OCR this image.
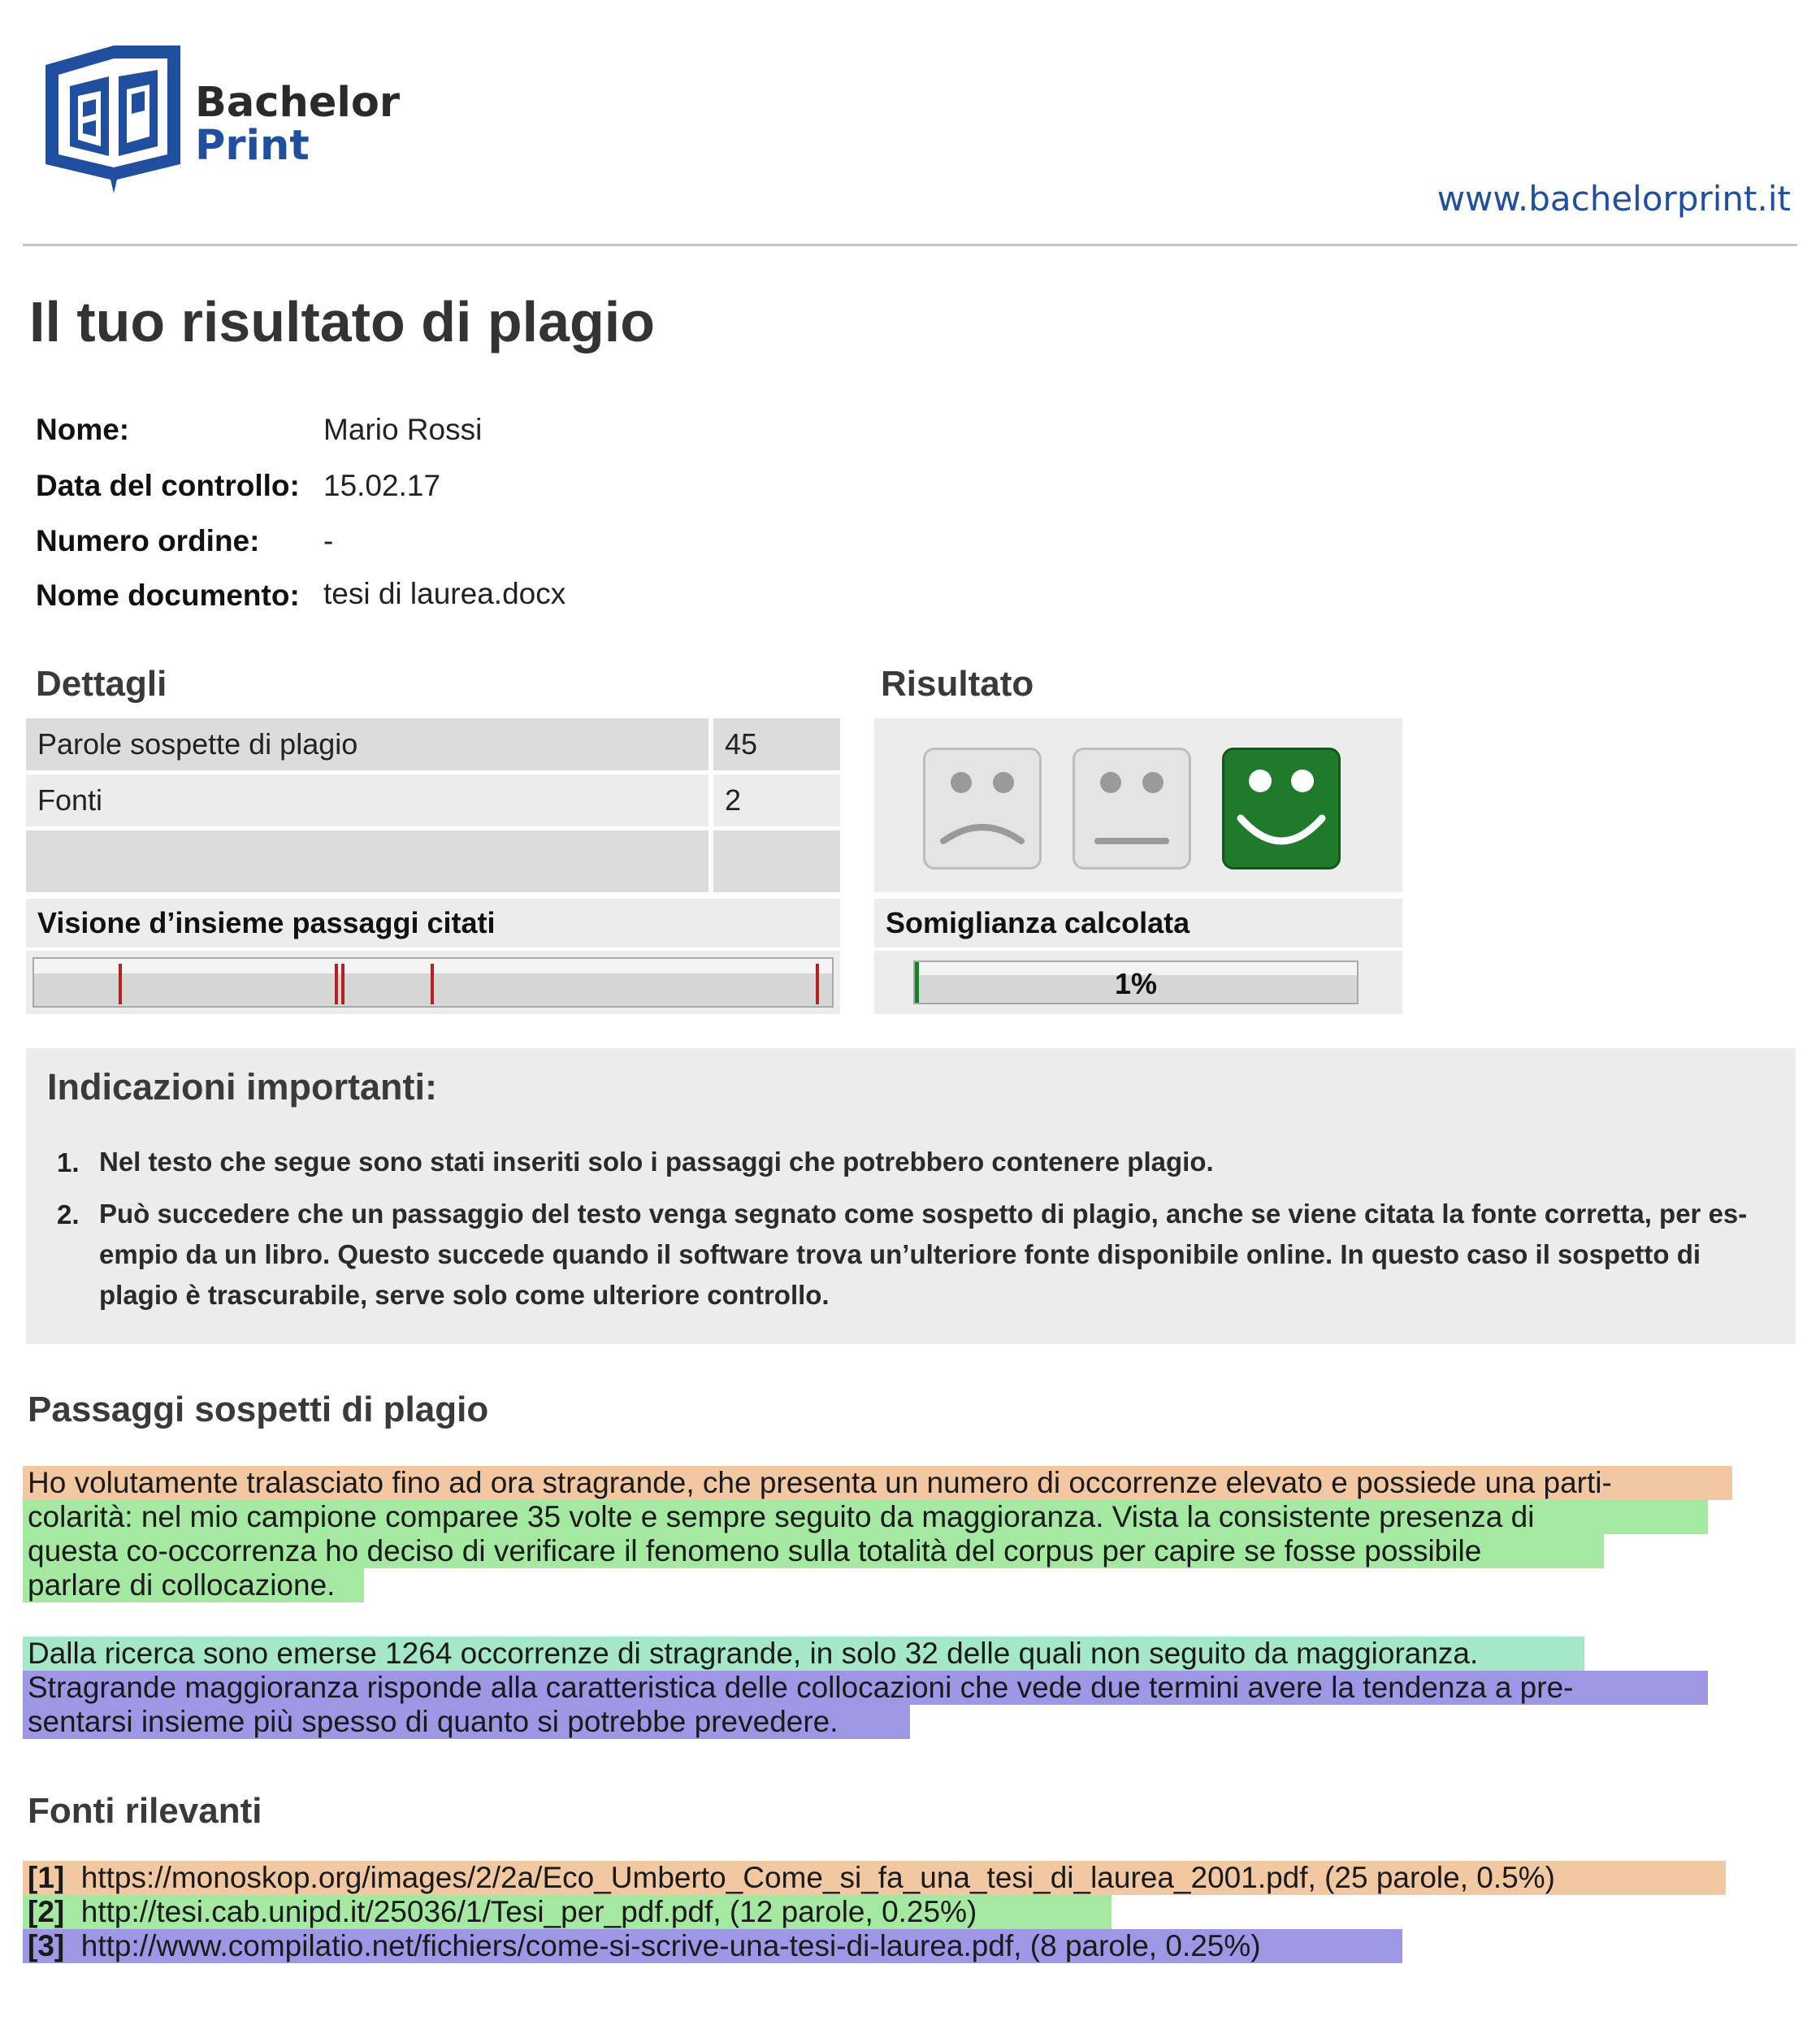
Bachelor
Print
www.bachelorprint.it
Il tuo risultato di plagio
Nome:	Mario Rossi
Data del controllo: 15.02.17
Numero ordine: -
Nome documento: tesi di laurea.docx
Dettagli
Parole sospette di plagio	45
Fonti	2
Visione d’insieme passaggi citati
Risultato
Somiglianza calcolata
1%
Indicazioni importanti:
1. Nel testo che segue sono stati inseriti solo i passaggi che potrebbero contenere plagio.
2. Può succedere che un passaggio del testo venga segnato come sospetto di plagio, anche se viene citata la fonte corretta, per es-
empio da un libro. Questo succede quando il software trova un’ulteriore fonte disponibile online. In questo caso il sospetto di
plagio è trascurabile, serve solo come ulteriore controllo.
Passaggi sospetti di plagio
Ho volutamente tralasciato fino ad ora stragrande, che presenta un numero di occorrenze elevato e possiede una parti-
colarità: nel mio campione comparee 35 volte e sempre seguito da maggioranza. Vista la consistente presenza di
questa co-occorrenza ho deciso di verificare il fenomeno sulla totalità del corpus per capire se fosse possibile
parlare di collocazione.
Dalla ricerca sono emerse 1264 occorrenze di stragrande, in solo 32 delle quali non seguito da maggioranza.
Stragrande maggioranza risponde alla caratteristica delle collocazioni che vede due termini avere la tendenza a pre-
sentarsi insieme più spesso di quanto si potrebbe prevedere.
Fonti rilevanti
[1] https://monoskop.org/images/2/2a/Eco_Umberto_Come_si_fa_una_tesi_di_laurea_2001.pdf, (25 parole, 0.5%)
[2] http://tesi.cab.unipd.it/25036/1/Tesi_per_pdf.pdf, (12 parole, 0.25%)
[3] http://www.compilatio.net/fichiers/come-si-scrive-una-tesi-di-laurea.pdf, (8 parole, 0.25%)
